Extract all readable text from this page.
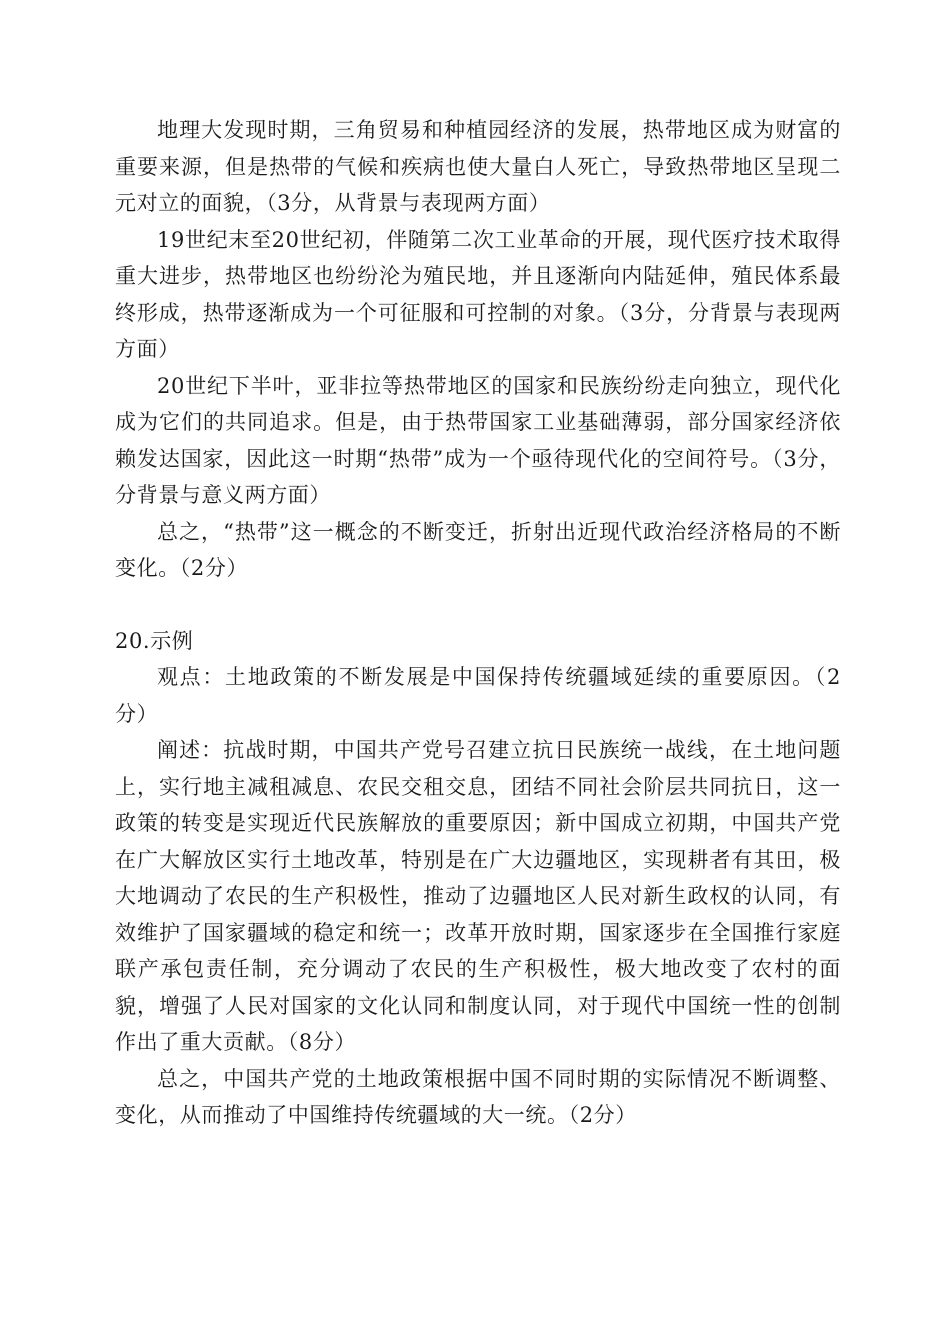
地理大发现时期，三角贸易和种植园经济的发展，热带地区成为财富的重要来源，但是热带的气候和疾病也使大量白人死亡，导致热带地区呈现二元对立的面貌，（3分，从背景与表现两方面）

19世纪末至20世纪初，伴随第二次工业革命的开展，现代医疗技术取得重大进步，热带地区也纷纷沦为殖民地，并且逐渐向内陆延伸，殖民体系最终形成，热带逐渐成为一个可征服和可控制的对象。（3分，分背景与表现两方面）

20世纪下半叶，亚非拉等热带地区的国家和民族纷纷走向独立，现代化成为它们的共同追求。但是，由于热带国家工业基础薄弱，部分国家经济依赖发达国家，因此这一时期“热带”成为一个亟待现代化的空间符号。（3分，分背景与意义两方面）

总之，“热带”这一概念的不断变迁，折射出近现代政治经济格局的不断变化。（2分）

20.示例

观点：土地政策的不断发展是中国保持传统疆域延续的重要原因。（2分）

阐述：抗战时期，中国共产党号召建立抗日民族统一战线，在土地问题上，实行地主减租减息、农民交租交息，团结不同社会阶层共同抗日，这一政策的转变是实现近代民族解放的重要原因；新中国成立初期，中国共产党在广大解放区实行土地改革，特别是在广大边疆地区，实现耕者有其田，极大地调动了农民的生产积极性，推动了边疆地区人民对新生政权的认同，有效维护了国家疆域的稳定和统一；改革开放时期，国家逐步在全国推行家庭联产承包责任制，充分调动了农民的生产积极性，极大地改变了农村的面貌，增强了人民对国家的文化认同和制度认同，对于现代中国统一性的创制作出了重大贡献。（8分）

总之，中国共产党的土地政策根据中国不同时期的实际情况不断调整、变化，从而推动了中国维持传统疆域的大一统。（2分）
